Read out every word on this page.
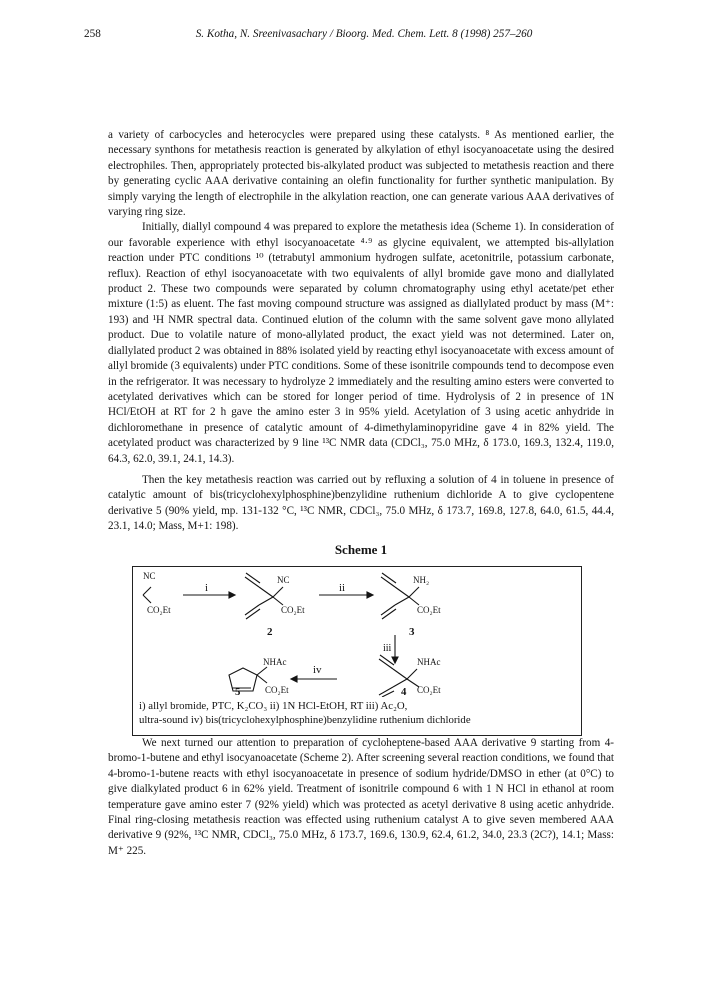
258	S. Kotha, N. Sreenivasachary / Bioorg. Med. Chem. Lett. 8 (1998) 257–260

a variety of carbocycles and heterocycles were prepared using these catalysts. ⁸ As mentioned earlier, the necessary synthons for metathesis reaction is generated by alkylation of ethyl isocyanoacetate using the desired electrophiles. Then, appropriately protected bis-alkylated product was subjected to metathesis reaction and there by generating cyclic AAA derivative containing an olefin functionality for further synthetic manipulation. By simply varying the length of electrophile in the alkylation reaction, one can generate various AAA derivatives of varying ring size.

Initially, diallyl compound 4 was prepared to explore the metathesis idea (Scheme 1). In consideration of our favorable experience with ethyl isocyanoacetate ⁴·⁹ as glycine equivalent, we attempted bis-allylation reaction under PTC conditions ¹⁰ (tetrabutyl ammonium hydrogen sulfate, acetonitrile, potassium carbonate, reflux). Reaction of ethyl isocyanoacetate with two equivalents of allyl bromide gave mono and diallylated product 2. These two compounds were separated by column chromatography using ethyl acetate/pet ether mixture (1:5) as eluent. The fast moving compound structure was assigned as diallylated product by mass (M⁺: 193) and ¹H NMR spectral data. Continued elution of the column with the same solvent gave mono allylated product. Due to volatile nature of mono-allylated product, the exact yield was not determined. Later on, diallylated product 2 was obtained in 88% isolated yield by reacting ethyl isocyanoacetate with excess amount of allyl bromide (3 equivalents) under PTC conditions. Some of these isonitrile compounds tend to decompose even in the refrigerator. It was necessary to hydrolyze 2 immediately and the resulting amino esters were converted to acetylated derivatives which can be stored for longer period of time. Hydrolysis of 2 in presence of 1N HCl/EtOH at RT for 2 h gave the amino ester 3 in 95% yield. Acetylation of 3 using acetic anhydride in dichloromethane in presence of catalytic amount of 4-dimethylaminopyridine gave 4 in 82% yield. The acetylated product was characterized by 9 line ¹³C NMR data (CDCl₃, 75.0 MHz, δ 173.0, 169.3, 132.4, 119.0, 64.3, 62.0, 39.1, 24.1, 14.3).

Then the key metathesis reaction was carried out by refluxing a solution of 4 in toluene in presence of catalytic amount of bis(tricyclohexylphosphine)benzylidine ruthenium dichloride A to give cyclopentene derivative 5 (90% yield, mp. 131-132 °C, ¹³C NMR, CDCl₃, 75.0 MHz, δ 173.7, 169.8, 127.8, 64.0, 61.5, 44.4, 23.1, 14.0; Mass, M+1: 198).

Scheme 1
NC
CO₂Et
i
NC
CO₂Et
2
ii
NH₂
CO₂Et
3
iii
NHAc
CO₂Et
iv
NHAc
CO₂Et
5	4
i) allyl bromide, PTC, K₂CO₃ ii) 1N HCl-EtOH, RT iii) Ac₂O,
ultra-sound iv) bis(tricyclohexylphosphine)benzylidine ruthenium dichloride

We next turned our attention to preparation of cycloheptene-based AAA derivative 9 starting from 4-bromo-1-butene and ethyl isocyanoacetate (Scheme 2). After screening several reaction conditions, we found that 4-bromo-1-butene reacts with ethyl isocyanoacetate in presence of sodium hydride/DMSO in ether (at 0°C) to give dialkylated product 6 in 62% yield. Treatment of isonitrile compound 6 with 1 N HCl in ethanol at room temperature gave amino ester 7 (92% yield) which was protected as acetyl derivative 8 using acetic anhydride. Final ring-closing metathesis reaction was effected using ruthenium catalyst A to give seven membered AAA derivative 9 (92%, ¹³C NMR, CDCl₃, 75.0 MHz, δ 173.7, 169.6, 130.9, 62.4, 61.2, 34.0, 23.3 (2C?), 14.1; Mass: M⁺ 225.
